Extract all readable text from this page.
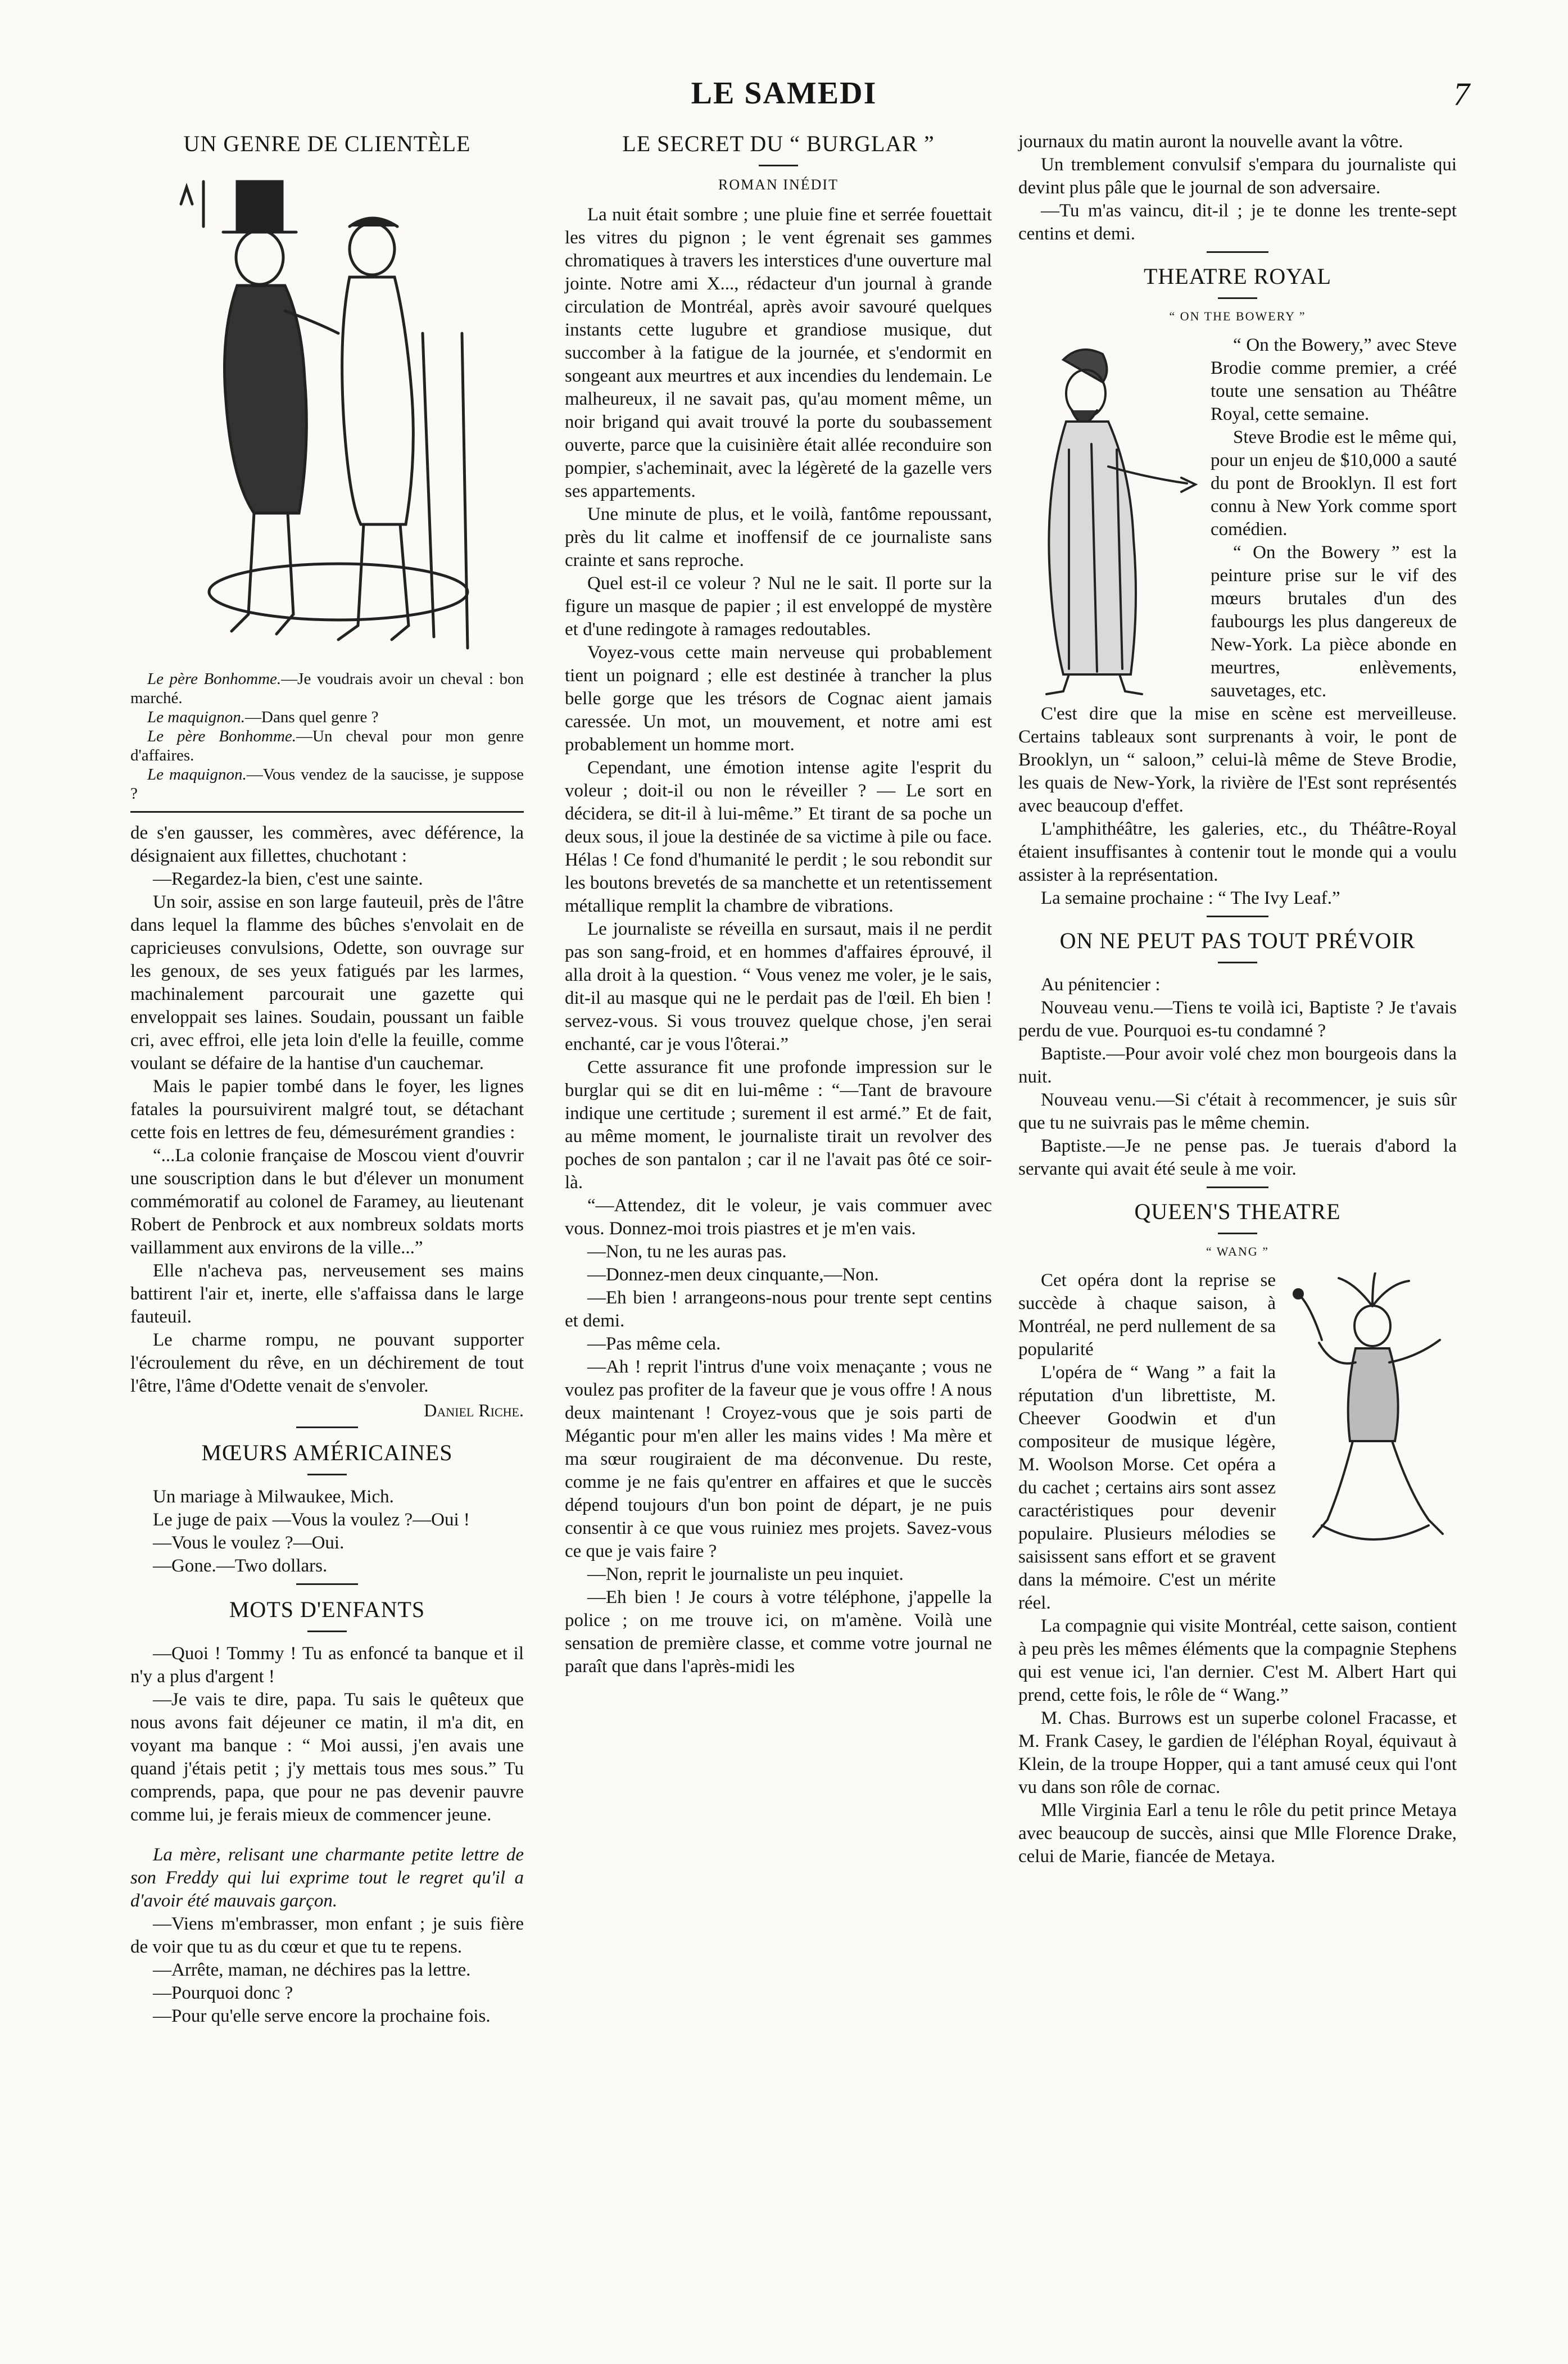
LE SAMEDI	7
UN GENRE DE CLIENTÈLE

Le père Bonhomme.—Je voudrais avoir un cheval : bon marché.

Le maquignon.—Dans quel genre ?

Le père Bonhomme.—Un cheval pour mon genre d'affaires.

Le maquignon.—Vous vendez de la saucisse, je suppose ?

de s'en gausser, les commères, avec déférence, la désignaient aux fillettes, chuchotant :

—Regardez-la bien, c'est une sainte.

Un soir, assise en son large fauteuil, près de l'âtre dans lequel la flamme des bûches s'envolait en de capricieuses convulsions, Odette, son ouvrage sur les genoux, de ses yeux fatigués par les larmes, machinalement parcourait une gazette qui enveloppait ses laines. Soudain, poussant un faible cri, avec effroi, elle jeta loin d'elle la feuille, comme voulant se défaire de la hantise d'un cauchemar.

Mais le papier tombé dans le foyer, les lignes fatales la poursuivirent malgré tout, se détachant cette fois en lettres de feu, démesurément grandies :

“...La colonie française de Moscou vient d'ouvrir une souscription dans le but d'élever un monument commémoratif au colonel de Faramey, au lieutenant Robert de Penbrock et aux nombreux soldats morts vaillamment aux environs de la ville...”

Elle n'acheva pas, nerveusement ses mains battirent l'air et, inerte, elle s'affaissa dans le large fauteuil.

Le charme rompu, ne pouvant supporter l'écroulement du rêve, en un déchirement de tout l'être, l'âme d'Odette venait de s'envoler.

Daniel Riche.
MŒURS AMÉRICAINES

Un mariage à Milwaukee, Mich.

Le juge de paix —Vous la voulez ?—Oui !

—Vous le voulez ?—Oui.

—Gone.—Two dollars.

MOTS D'ENFANTS

—Quoi ! Tommy ! Tu as enfoncé ta banque et il n'y a plus d'argent !

—Je vais te dire, papa. Tu sais le quêteux que nous avons fait déjeuner ce matin, il m'a dit, en voyant ma banque : “ Moi aussi, j'en avais une quand j'étais petit ; j'y mettais tous mes sous.” Tu comprends, papa, que pour ne pas devenir pauvre comme lui, je ferais mieux de commencer jeune.

La mère, relisant une charmante petite lettre de son Freddy qui lui exprime tout le regret qu'il a d'avoir été mauvais garçon.

—Viens m'embrasser, mon enfant ; je suis fière de voir que tu as du cœur et que tu te repens.

—Arrête, maman, ne déchires pas la lettre.

—Pourquoi donc ?

—Pour qu'elle serve encore la prochaine fois.

LE SECRET DU “ BURGLAR ”
ROMAN INÉDIT

La nuit était sombre ; une pluie fine et serrée fouettait les vitres du pignon ; le vent égrenait ses gammes chromatiques à travers les interstices d'une ouverture mal jointe. Notre ami X..., rédacteur d'un journal à grande circulation de Montréal, après avoir savouré quelques instants cette lugubre et grandiose musique, dut succomber à la fatigue de la journée, et s'endormit en songeant aux meurtres et aux incendies du lendemain. Le malheureux, il ne savait pas, qu'au moment même, un noir brigand qui avait trouvé la porte du soubassement ouverte, parce que la cuisinière était allée reconduire son pompier, s'acheminait, avec la légèreté de la gazelle vers ses appartements.

Une minute de plus, et le voilà, fantôme repoussant, près du lit calme et inoffensif de ce journaliste sans crainte et sans reproche.

Quel est-il ce voleur ? Nul ne le sait. Il porte sur la figure un masque de papier ; il est enveloppé de mystère et d'une redingote à ramages redoutables.

Voyez-vous cette main nerveuse qui probablement tient un poignard ; elle est destinée à trancher la plus belle gorge que les trésors de Cognac aient jamais caressée. Un mot, un mouvement, et notre ami est probablement un homme mort.

Cependant, une émotion intense agite l'esprit du voleur ; doit-il ou non le réveiller ? — Le sort en décidera, se dit-il à lui-même.” Et tirant de sa poche un deux sous, il joue la destinée de sa victime à pile ou face. Hélas ! Ce fond d'humanité le perdit ; le sou rebondit sur les boutons brevetés de sa manchette et un retentissement métallique remplit la chambre de vibrations.

Le journaliste se réveilla en sursaut, mais il ne perdit pas son sang-froid, et en hommes d'affaires éprouvé, il alla droit à la question. “ Vous venez me voler, je le sais, dit-il au masque qui ne le perdait pas de l'œil. Eh bien ! servez-vous. Si vous trouvez quelque chose, j'en serai enchanté, car je vous l'ôterai.”

Cette assurance fit une profonde impression sur le burglar qui se dit en lui-même : “—Tant de bravoure indique une certitude ; surement il est armé.” Et de fait, au même moment, le journaliste tirait un revolver des poches de son pantalon ; car il ne l'avait pas ôté ce soir-là.

“—Attendez, dit le voleur, je vais commuer avec vous. Donnez-moi trois piastres et je m'en vais.

—Non, tu ne les auras pas.

—Donnez-men deux cinquante,—Non.

—Eh bien ! arrangeons-nous pour trente sept centins et demi.

—Pas même cela.

—Ah ! reprit l'intrus d'une voix menaçante ; vous ne voulez pas profiter de la faveur que je vous offre ! A nous deux maintenant ! Croyez-vous que je sois parti de Mégantic pour m'en aller les mains vides ! Ma mère et ma sœur rougiraient de ma déconvenue. Du reste, comme je ne fais qu'entrer en affaires et que le succès dépend toujours d'un bon point de départ, je ne puis consentir à ce que vous ruiniez mes projets. Savez-vous ce que je vais faire ?

—Non, reprit le journaliste un peu inquiet.

—Eh bien ! Je cours à votre téléphone, j'appelle la police ; on me trouve ici, on m'amène. Voilà une sensation de première classe, et comme votre journal ne paraît que dans l'après-midi les

journaux du matin auront la nouvelle avant la vôtre.

Un tremblement convulsif s'empara du journaliste qui devint plus pâle que le journal de son adversaire.

—Tu m'as vaincu, dit-il ; je te donne les trente-sept centins et demi.

THEATRE ROYAL
“ ON THE BOWERY ”

“ On the Bowery,” avec Steve Brodie comme premier, a créé toute une sensation au Théâtre Royal, cette semaine.

Steve Brodie est le même qui, pour un enjeu de $10,000 a sauté du pont de Brooklyn. Il est fort connu à New York comme sport comédien.

“ On the Bowery ” est la peinture prise sur le vif des mœurs brutales d'un des faubourgs les plus dangereux de New-York. La pièce abonde en meurtres, enlèvements, sauvetages, etc.

C'est dire que la mise en scène est merveilleuse. Certains tableaux sont surprenants à voir, le pont de Brooklyn, un “ saloon,” celui-là même de Steve Brodie, les quais de New-York, la rivière de l'Est sont représentés avec beaucoup d'effet.

L'amphithéâtre, les galeries, etc., du Théâtre-Royal étaient insuffisantes à contenir tout le monde qui a voulu assister à la représentation.

La semaine prochaine : “ The Ivy Leaf.”

ON NE PEUT PAS TOUT PRÉVOIR

Au pénitencier :

Nouveau venu.—Tiens te voilà ici, Baptiste ? Je t'avais perdu de vue. Pourquoi es-tu condamné ?

Baptiste.—Pour avoir volé chez mon bourgeois dans la nuit.

Nouveau venu.—Si c'était à recommencer, je suis sûr que tu ne suivrais pas le même chemin.

Baptiste.—Je ne pense pas. Je tuerais d'abord la servante qui avait été seule à me voir.

QUEEN'S THEATRE
“ WANG ”

Cet opéra dont la reprise se succède à chaque saison, à Montréal, ne perd nullement de sa popularité

L'opéra de “ Wang ” a fait la réputation d'un librettiste, M. Cheever Goodwin et d'un compositeur de musique légère, M. Woolson Morse. Cet opéra a du cachet ; certains airs sont assez caractéristiques pour devenir populaire. Plusieurs mélodies se saisissent sans effort et se gravent dans la mémoire. C'est un mérite réel.

La compagnie qui visite Montréal, cette saison, contient à peu près les mêmes éléments que la compagnie Stephens qui est venue ici, l'an dernier. C'est M. Albert Hart qui prend, cette fois, le rôle de “ Wang.”

M. Chas. Burrows est un superbe colonel Fracasse, et M. Frank Casey, le gardien de l'éléphan Royal, équivaut à Klein, de la troupe Hopper, qui a tant amusé ceux qui l'ont vu dans son rôle de cornac.

Mlle Virginia Earl a tenu le rôle du petit prince Metaya avec beaucoup de succès, ainsi que Mlle Florence Drake, celui de Marie, fiancée de Metaya.
